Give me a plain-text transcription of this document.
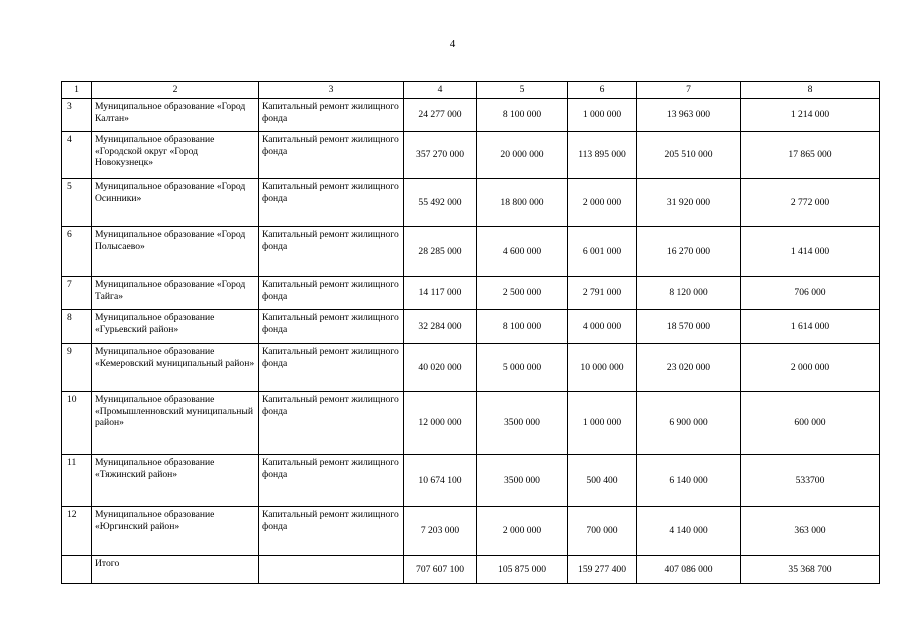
4
1	2	3	4	5	6	7	8
3	Муниципальное образование «Город Калтан»	Капитальный ремонт жилищного фонда	24 277 000	8 100 000	1 000 000	13 963 000	1 214 000
4	Муниципальное образование «Городской округ «Город Новокузнецк»	Капитальный ремонт жилищного фонда	357 270 000	20 000 000	113 895 000	205 510 000	17 865 000
5	Муниципальное образование «Город Осинники»	Капитальный ремонт жилищного фонда	55 492 000	18 800 000	2 000 000	31 920 000	2 772 000
6	Муниципальное образование «Город Полысаево»	Капитальный ремонт жилищного фонда	28 285 000	4 600 000	6 001 000	16 270 000	1 414 000
7	Муниципальное образование «Город Тайга»	Капитальный ремонт жилищного фонда	14 117 000	2 500 000	2 791 000	8 120 000	706 000
8	Муниципальное образование «Гурьевский район»	Капитальный ремонт жилищного фонда	32 284 000	8 100 000	4 000 000	18 570 000	1 614 000
9	Муниципальное образование «Кемеровский муниципальный район»	Капитальный ремонт жилищного фонда	40 020 000	5 000 000	10 000 000	23 020 000	2 000 000
10	Муниципальное образование «Промышленновский муниципальный район»	Капитальный ремонт жилищного фонда	12 000 000	3500 000	1 000 000	6 900 000	600 000
11	Муниципальное образование «Тяжинский район»	Капитальный ремонт жилищного фонда	10 674 100	3500 000	500 400	6 140 000	533700
12	Муниципальное образование «Юргинский район»	Капитальный ремонт жилищного фонда	7 203 000	2 000 000	700 000	4 140 000	363 000
	Итого		707 607 100	105 875 000	159 277 400	407 086 000	35 368 700
